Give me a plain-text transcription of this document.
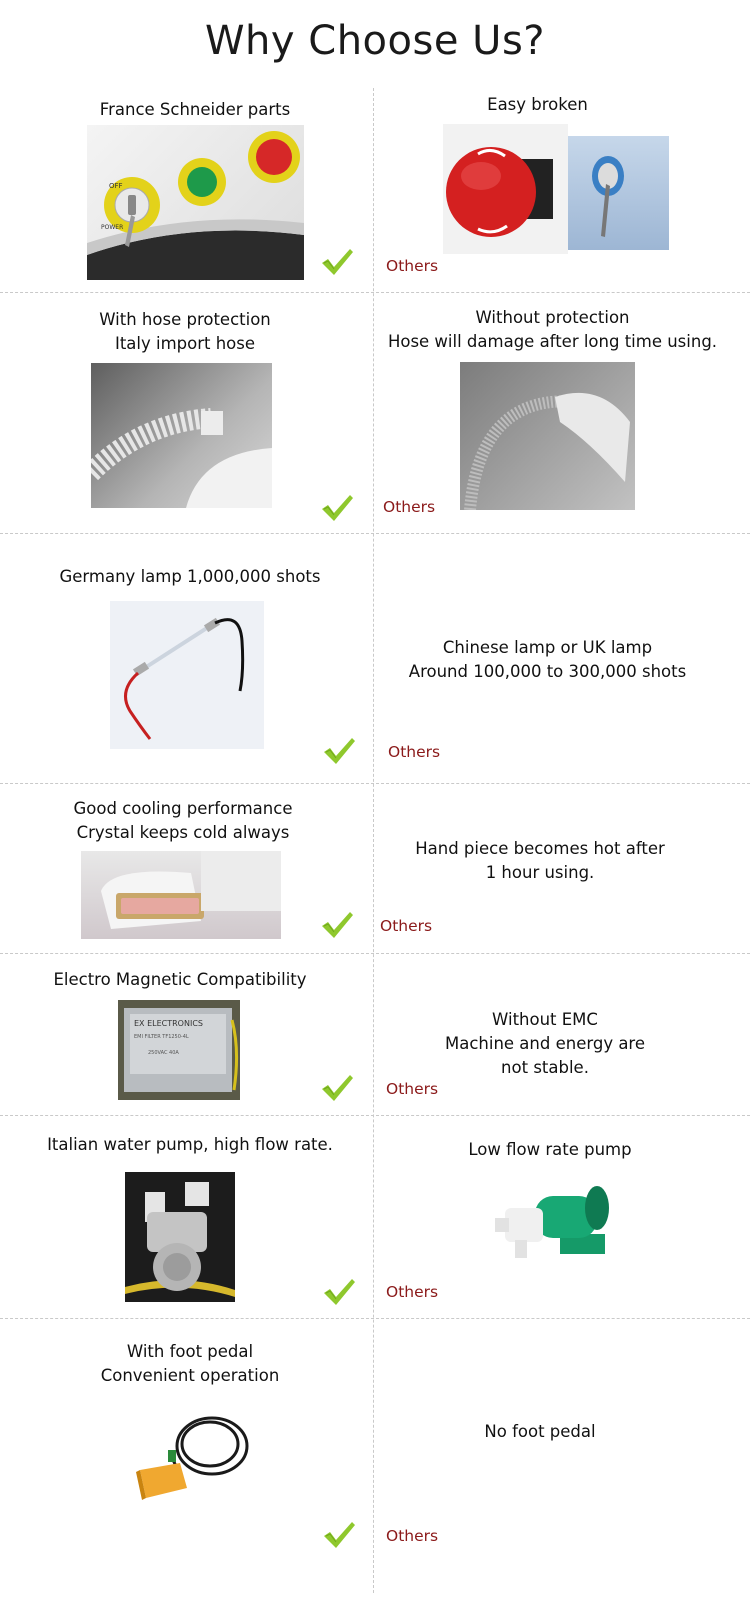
Why Choose Us?
France Schneider parts
OFF
POWER
Easy broken
Others
With hose protection
Italy import hose
Without protection
Hose will damage after long time using.
Others
Germany lamp 1,000,000 shots
Chinese lamp or UK lamp
Around 100,000 to 300,000 shots
Others
Good cooling performance
Crystal keeps cold always
Hand piece becomes hot after
1 hour using.
Others
Electro Magnetic Compatibility
EX ELECTRONICS
EMI FILTER TF1250-4L
250VAC 40A
Without EMC
Machine and energy are
not stable.
Others
Italian water pump, high flow rate.	Low flow rate pump
Others
With foot pedal
Convenient operation
No foot pedal
Others
